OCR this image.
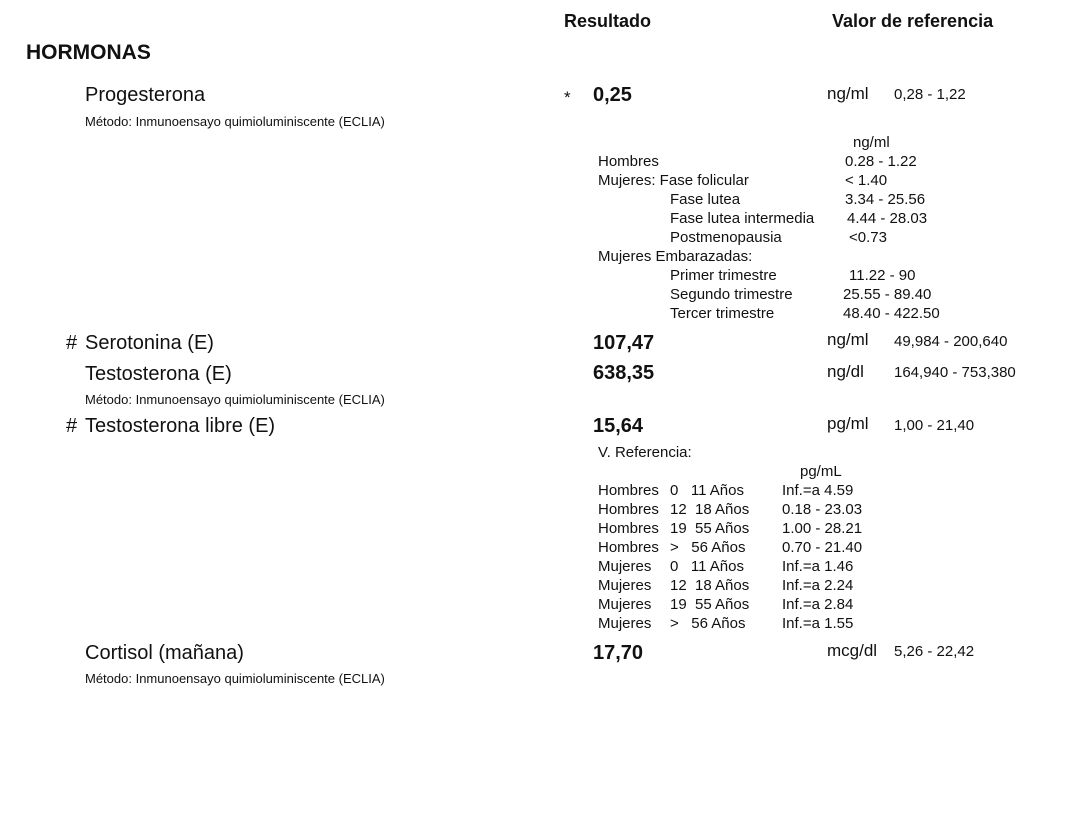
Resultado	Valor de referencia
HORMONAS
Progesterona	* 0,25	ng/ml 0,28 - 1,22
Método: Inmunoensayo quimioluminiscente (ECLIA)
ng/ml
Hombres	0.28 - 1.22
Mujeres: Fase folicular	< 1.40
Fase lutea	3.34 - 25.56
Fase lutea intermedia 4.44 - 28.03
Postmenopausia	<0.73
Mujeres Embarazadas:
Primer trimestre	11.22 - 90
Segundo trimestre	25.55 - 89.40
Tercer trimestre	48.40 - 422.50
# Serotonina (E)	107,47	ng/ml 49,984 - 200,640
Testosterona (E)	638,35	ng/dl 164,940 - 753,380
Método: Inmunoensayo quimioluminiscente (ECLIA)
# Testosterona libre (E)	15,64	pg/ml 1,00 - 21,40
V. Referencia:
pg/mL
Hombres 0   11 Años	Inf.=a 4.59
Hombres 12  18 Años 0.18 - 23.03
Hombres 19  55 Años 1.00 - 28.21
Hombres >   56 Años 0.70 - 21.40
Mujeres 0   11 Años	Inf.=a 1.46
Mujeres 12  18 Años Inf.=a 2.24
Mujeres 19  55 Años Inf.=a 2.84
Mujeres >   56 Años Inf.=a 1.55
Cortisol (mañana)	17,70	mcg/dl 5,26 - 22,42
Método: Inmunoensayo quimioluminiscente (ECLIA)
